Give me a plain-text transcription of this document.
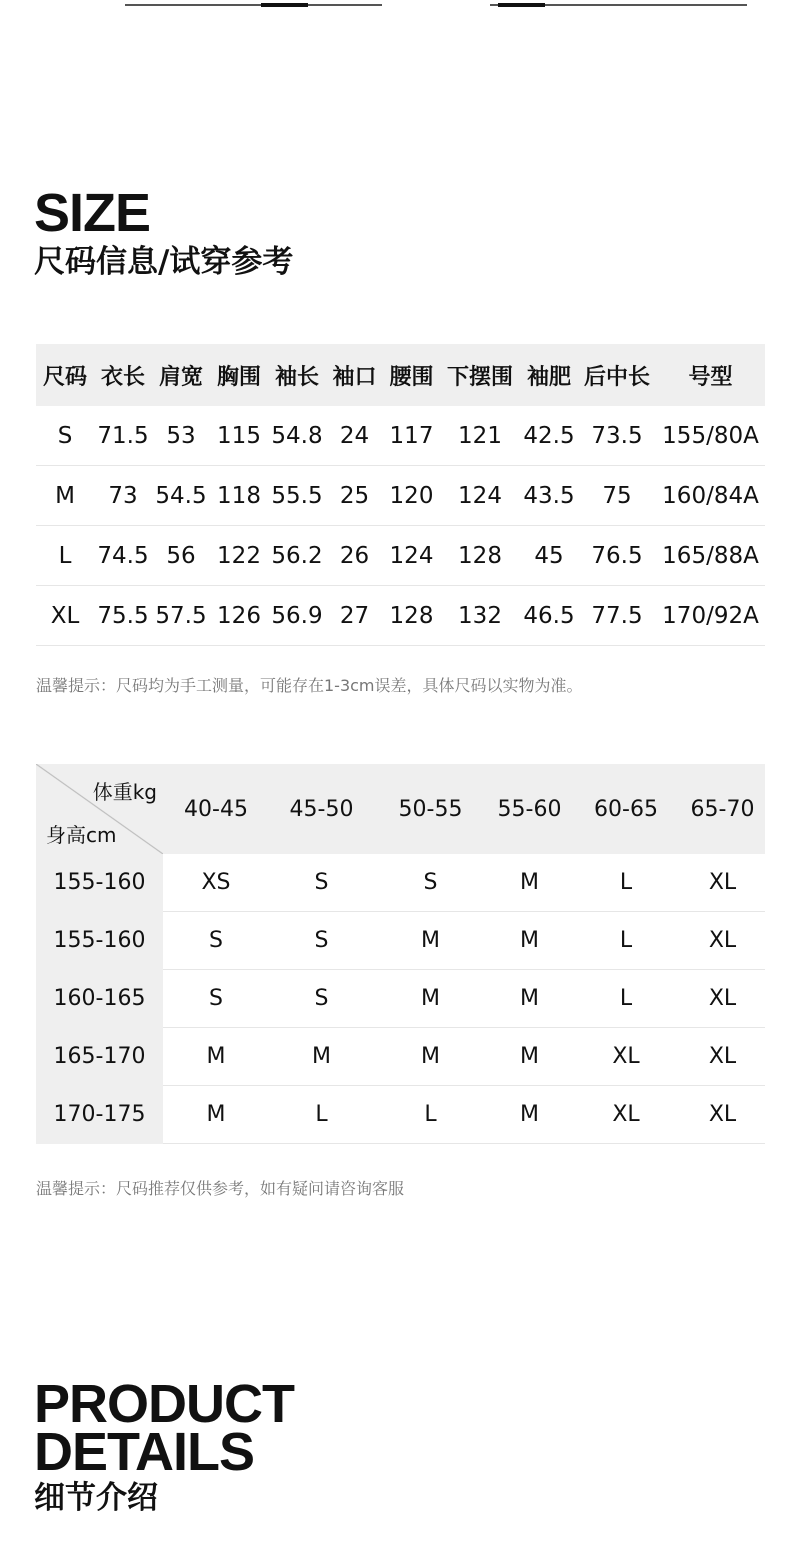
SIZE
尺码信息/试穿参考
尺码	衣长	肩宽	胸围	袖长	袖口	腰围	下摆围	袖肥	后中长	号型
S	71.5	53	115	54.8	24	117	121	42.5	73.5	155/80A
M	73	54.5	118	55.5	25	120	124	43.5	75	160/84A
L	74.5	56	122	56.2	26	124	128	45	76.5	165/88A
XL	75.5	57.5	126	56.9	27	128	132	46.5	77.5	170/92A

温馨提示：尺码均为手工测量，可能存在1-3cm误差，具体尺码以实物为准。

体重kg
身高cm	40-45	45-50	50-55	55-60	60-65	65-70
155-160	XS	S	S	M	L	XL
155-160	S	S	M	M	L	XL
160-165	S	S	M	M	L	XL
165-170	M	M	M	M	XL	XL
170-175	M	L	L	M	XL	XL

温馨提示：尺码推荐仅供参考，如有疑问请咨询客服

PRODUCT
DETAILS
细节介绍
